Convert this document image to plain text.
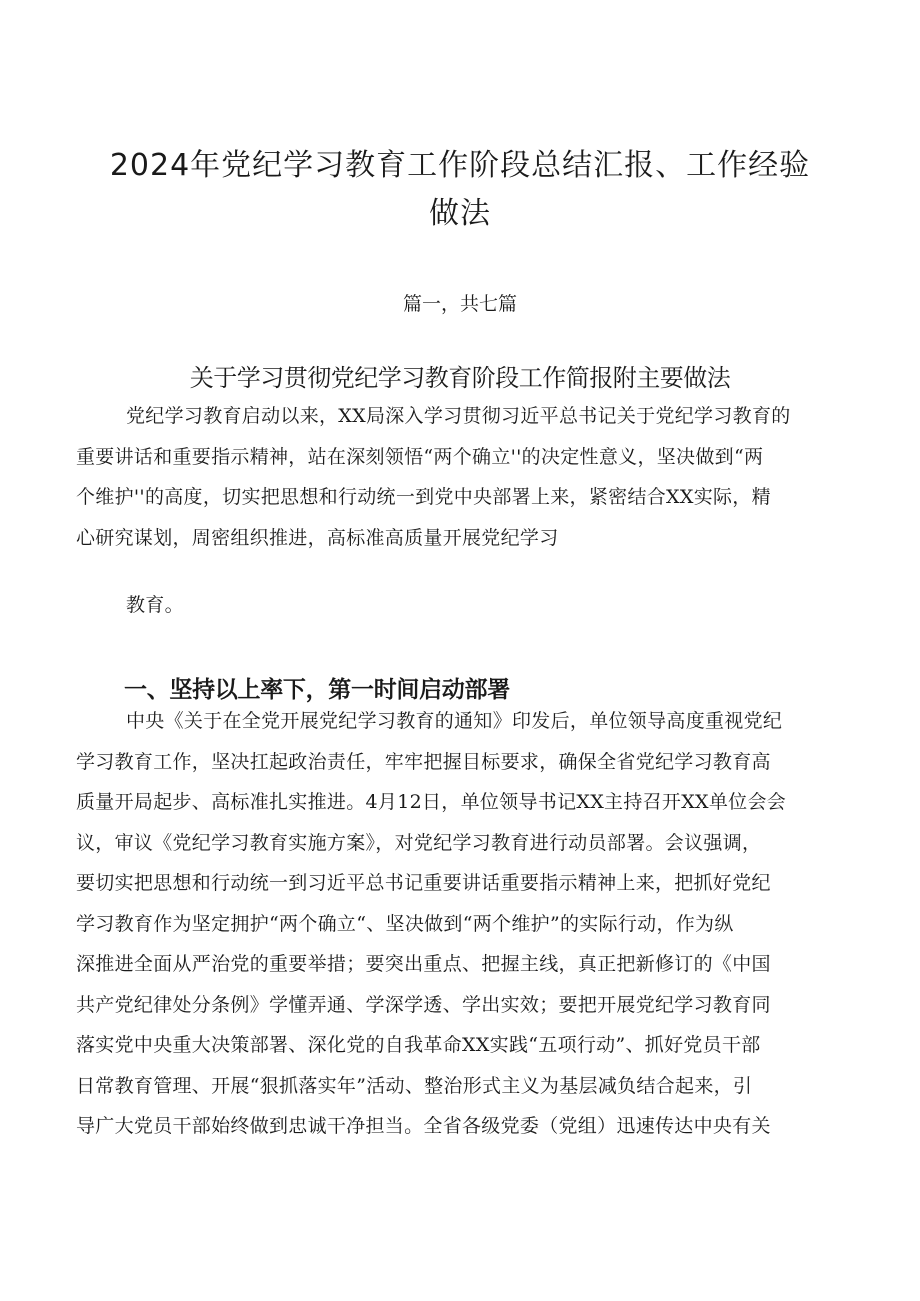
2024年党纪学习教育工作阶段总结汇报、工作经验
做法
篇一，共七篇
关于学习贯彻党纪学习教育阶段工作简报附主要做法
党纪学习教育启动以来，XX局深入学习贯彻习近平总书记关于党纪学习教育的
重要讲话和重要指示精神，站在深刻领悟“两个确立''的决定性意义，坚决做到“两
个维护''的高度，切实把思想和行动统一到党中央部署上来，紧密结合XX实际，精
心研究谋划，周密组织推进，高标准高质量开展党纪学习
教育。
一、坚持以上率下，第一时间启动部署
中央《关于在全党开展党纪学习教育的通知》印发后，单位领导高度重视党纪
学习教育工作，坚决扛起政治责任，牢牢把握目标要求，确保全省党纪学习教育高
质量开局起步、高标准扎实推进。4月12日，单位领导书记XX主持召开XX单位会会
议，审议《党纪学习教育实施方案》，对党纪学习教育进行动员部署。会议强调，
要切实把思想和行动统一到习近平总书记重要讲话重要指示精神上来，把抓好党纪
学习教育作为坚定拥护“两个确立“、坚决做到“两个维护”的实际行动，作为纵
深推进全面从严治党的重要举措；要突出重点、把握主线，真正把新修订的《中国
共产党纪律处分条例》学懂弄通、学深学透、学出实效；要把开展党纪学习教育同
落实党中央重大决策部署、深化党的自我革命XX实践“五项行动”、抓好党员干部
日常教育管理、开展“狠抓落实年”活动、整治形式主义为基层减负结合起来，引
导广大党员干部始终做到忠诚干净担当。全省各级党委（党组）迅速传达中央有关
